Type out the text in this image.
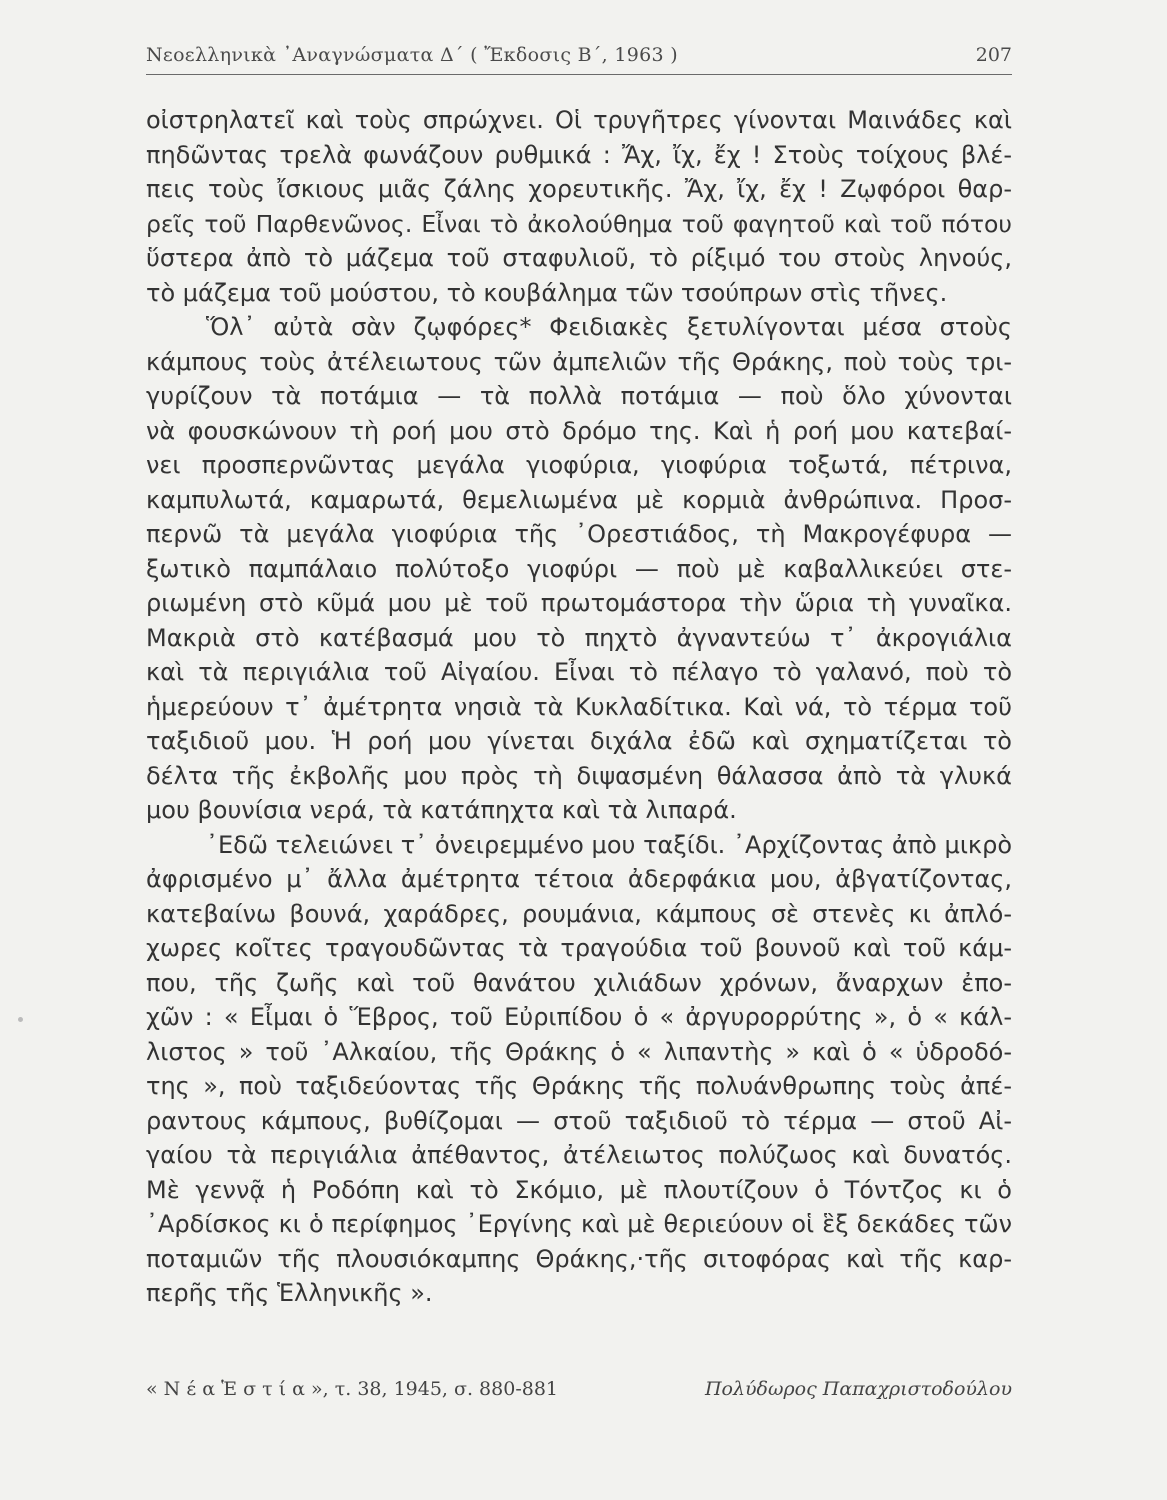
Νεοελληνικὰ ᾿Αναγνώσματα Δ΄ ( Ἔκδοσις Β΄, 1963 )	207

οἰστρηλατεῖ καὶ τοὺς σπρώχνει. Οἱ τρυγῆτρες γίνονται Μαινάδες καὶ
πηδῶντας τρελὰ φωνάζουν ρυθμικά : Ἄχ, ἴχ, ἔχ ! Στοὺς τοίχους βλέ-
πεις τοὺς ἴσκιους μιᾶς ζάλης χορευτικῆς. Ἄχ, ἴχ, ἔχ ! Ζῳφόροι θαρ-
ρεῖς τοῦ Παρθενῶνος. Εἶναι τὸ ἀκολούθημα τοῦ φαγητοῦ καὶ τοῦ πότου
ὕστερα ἀπὸ τὸ μάζεμα τοῦ σταφυλιοῦ, τὸ ρίξιμό του στοὺς ληνούς,
τὸ μάζεμα τοῦ μούστου, τὸ κουβάλημα τῶν τσούπρων στὶς τῆνες.

Ὅλ᾽ αὐτὰ σὰν ζῳφόρες* Φειδιακὲς ξετυλίγονται μέσα στοὺς
κάμπους τοὺς ἀτέλειωτους τῶν ἀμπελιῶν τῆς Θράκης, ποὺ τοὺς τρι-
γυρίζουν τὰ ποτάμια — τὰ πολλὰ ποτάμια — ποὺ ὅλο χύνονται
νὰ φουσκώνουν τὴ ροή μου στὸ δρόμο της. Καὶ ἡ ροή μου κατεβαί-
νει προσπερνῶντας μεγάλα γιοφύρια, γιοφύρια τοξωτά, πέτρινα,
καμπυλωτά, καμαρωτά, θεμελιωμένα μὲ κορμιὰ ἀνθρώπινα. Προσ-
περνῶ τὰ μεγάλα γιοφύρια τῆς ᾿Ορεστιάδος, τὴ Μακρογέφυρα —
ξωτικὸ παμπάλαιο πολύτοξο γιοφύρι — ποὺ μὲ καβαλλικεύει στε-
ριωμένη στὸ κῦμά μου μὲ τοῦ πρωτομάστορα τὴν ὥρια τὴ γυναῖκα.
Μακριὰ στὸ κατέβασμά μου τὸ πηχτὸ ἀγναντεύω τ᾽ ἀκρογιάλια
καὶ τὰ περιγιάλια τοῦ Αἰγαίου. Εἶναι τὸ πέλαγο τὸ γαλανό, ποὺ τὸ
ἡμερεύουν τ᾽ ἀμέτρητα νησιὰ τὰ Κυκλαδίτικα. Καὶ νά, τὸ τέρμα τοῦ
ταξιδιοῦ μου. Ἡ ροή μου γίνεται διχάλα ἐδῶ καὶ σχηματίζεται τὸ
δέλτα τῆς ἐκβολῆς μου πρὸς τὴ διψασμένη θάλασσα ἀπὸ τὰ γλυκά
μου βουνίσια νερά, τὰ κατάπηχτα καὶ τὰ λιπαρά.

᾿Εδῶ τελειώνει τ᾽ ὀνειρεμμένο μου ταξίδι. ᾿Αρχίζοντας ἀπὸ μικρὸ
ἀφρισμένο μ᾽ ἄλλα ἀμέτρητα τέτοια ἀδερφάκια μου, ἀβγατίζοντας,
κατεβαίνω βουνά, χαράδρες, ρουμάνια, κάμπους σὲ στενὲς κι ἀπλό-
χωρες κοῖτες τραγουδῶντας τὰ τραγούδια τοῦ βουνοῦ καὶ τοῦ κάμ-
που, τῆς ζωῆς καὶ τοῦ θανάτου χιλιάδων χρόνων, ἄναρχων ἐπο-
χῶν : « Εἶμαι ὁ Ἕβρος, τοῦ Εὐριπίδου ὁ « ἀργυρορρύτης », ὁ « κάλ-
λιστος » τοῦ ᾿Αλκαίου, τῆς Θράκης ὁ « λιπαντὴς » καὶ ὁ « ὑδροδό-
της », ποὺ ταξιδεύοντας τῆς Θράκης τῆς πολυάνθρωπης τοὺς ἀπέ-
ραντους κάμπους, βυθίζομαι — στοῦ ταξιδιοῦ τὸ τέρμα — στοῦ Αἰ-
γαίου τὰ περιγιάλια ἀπέθαντος, ἀτέλειωτος πολύζωος καὶ δυνατός.
Μὲ γεννᾷ ἡ Ροδόπη καὶ τὸ Σκόμιο, μὲ πλουτίζουν ὁ Τόντζος κι ὁ
᾿Αρδίσκος κι ὁ περίφημος ᾿Εργίνης καὶ μὲ θεριεύουν οἱ ἓξ δεκάδες τῶν
ποταμιῶν τῆς πλουσιόκαμπης Θράκης,·τῆς σιτοφόρας καὶ τῆς καρ-
περῆς τῆς Ἑλληνικῆς ».

« Ν έ α Ἑ σ τ ί α », τ. 38, 1945, σ. 880-881	Πολύδωρος Παπαχριστοδούλου
